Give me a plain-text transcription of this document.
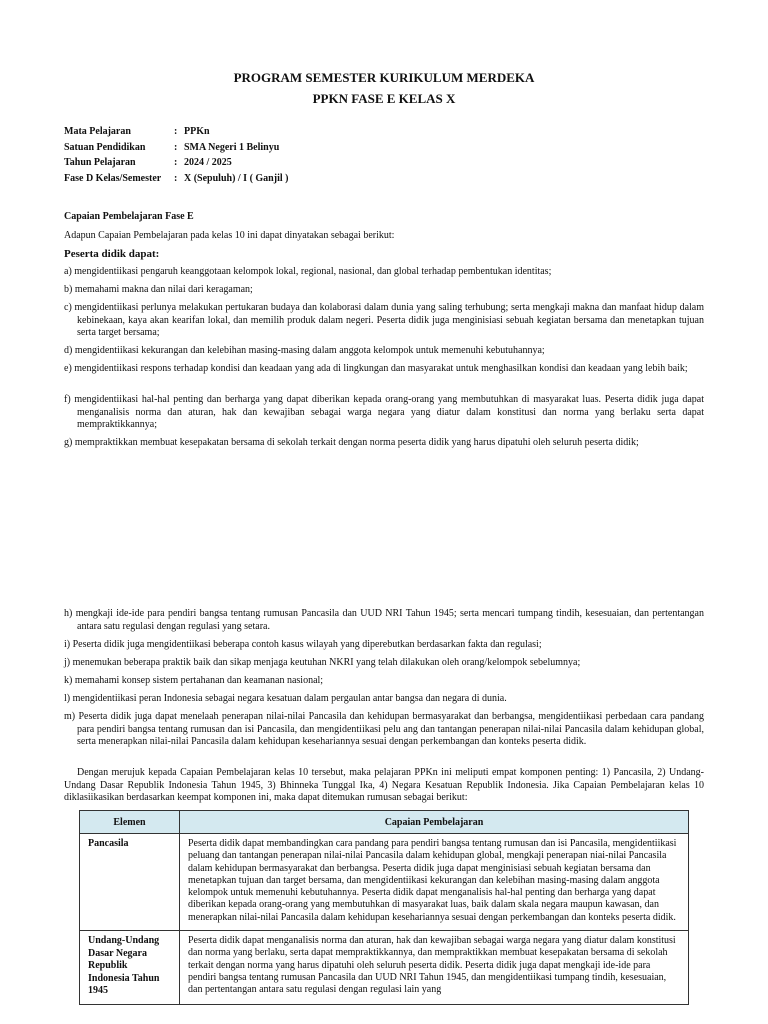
PROGRAM SEMESTER KURIKULUM MERDEKA
PPKN FASE E KELAS X
Mata Pelajaran	: PPKn
Satuan Pendidikan	: SMA Negeri 1 Belinyu
Tahun Pelajaran	: 2024 / 2025
Fase D Kelas/Semester	: X (Sepuluh) / I ( Ganjil )
Capaian Pembelajaran Fase E
Adapun Capaian Pembelajaran pada kelas 10 ini dapat dinyatakan sebagai berikut:
Peserta didik dapat:
a) mengidentiikasi pengaruh keanggotaan kelompok lokal, regional, nasional, dan global terhadap pembentukan identitas;
b) memahami makna dan nilai dari keragaman;
c) mengidentiikasi perlunya melakukan pertukaran budaya dan kolaborasi dalam dunia yang saling terhubung; serta mengkaji makna dan manfaat hidup dalam kebinekaan, kaya akan kearifan lokal, dan memilih produk dalam negeri. Peserta didik juga menginisiasi sebuah kegiatan bersama dan menetapkan tujuan serta target bersama;
d) mengidentiikasi kekurangan dan kelebihan masing-masing dalam anggota kelompok untuk memenuhi kebutuhannya;
e) mengidentiikasi respons terhadap kondisi dan keadaan yang ada di lingkungan dan masyarakat untuk menghasilkan kondisi dan keadaan yang lebih baik;
f) mengidentiikasi hal-hal penting dan berharga yang dapat diberikan kepada orang-orang yang membutuhkan di masyarakat luas. Peserta didik juga dapat menganalisis norma dan aturan, hak dan kewajiban sebagai warga negara yang diatur dalam konstitusi dan norma yang berlaku serta dapat mempraktikkannya;
g) mempraktikkan membuat kesepakatan bersama di sekolah terkait dengan norma peserta didik yang harus dipatuhi oleh seluruh peserta didik;
h) mengkaji ide-ide para pendiri bangsa tentang rumusan Pancasila dan UUD NRI Tahun 1945; serta mencari tumpang tindih, kesesuaian, dan pertentangan antara satu regulasi dengan regulasi yang setara.
i) Peserta didik juga mengidentiikasi beberapa contoh kasus wilayah yang diperebutkan berdasarkan fakta dan regulasi;
j) menemukan beberapa praktik baik dan sikap menjaga keutuhan NKRI yang telah dilakukan oleh orang/kelompok sebelumnya;
k) memahami konsep sistem pertahanan dan keamanan nasional;
l) mengidentiikasi peran Indonesia sebagai negara kesatuan dalam pergaulan antar bangsa dan negara di dunia.
m) Peserta didik juga dapat menelaah penerapan nilai-nilai Pancasila dan kehidupan bermasyarakat dan berbangsa, mengidentiikasi perbedaan cara pandang para pendiri bangsa tentang rumusan dan isi Pancasila, dan mengidentiikasi pelu ang dan tantangan penerapan nilai-nilai Pancasila dalam kehidupan global, serta menerapkan nilai-nilai Pancasila dalam kehidupan kesehariannya sesuai dengan perkembangan dan konteks peserta didik.
Dengan merujuk kepada Capaian Pembelajaran kelas 10 tersebut, maka pelajaran PPKn ini meliputi empat komponen penting: 1) Pancasila, 2) Undang-Undang Dasar Republik Indonesia Tahun 1945, 3) Bhinneka Tunggal Ika, 4) Negara Kesatuan Republik Indonesia. Jika Capaian Pembelajaran kelas 10 diklasiikasikan berdasarkan keempat komponen ini, maka dapat ditemukan rumusan sebagai berikut:
Elemen	Capaian Pembelajaran
Pancasila	Peserta didik dapat membandingkan cara pandang para pendiri bangsa tentang rumusan dan isi Pancasila, mengidentiikasi peluang dan tantangan penerapan nilai-nilai Pancasila dalam kehidupan global, mengkaji penerapan niai-nilai Pancasila dalam kehidupan bermasyarakat dan berbangsa. Peserta didik juga dapat menginisiasi sebuah kegiatan bersama dan menetapkan tujuan dan target bersama, dan mengidentiikasi kekurangan dan kelebihan masing-masing dalam anggota kelompok untuk memenuhi kebutuhannya. Peserta didik dapat menganalisis hal-hal penting dan berharga yang dapat diberikan kepada orang-orang yang membutuhkan di masyarakat luas, baik dalam skala negara maupun kawasan, dan menerapkan nilai-nilai Pancasila dalam kehidupan kesehariannya sesuai dengan perkembangan dan konteks peserta didik.
Undang-Undang Dasar Negara Republik Indonesia Tahun 1945	Peserta didik dapat menganalisis norma dan aturan, hak dan kewajiban sebagai warga negara yang diatur dalam konstitusi dan norma yang berlaku, serta dapat mempraktikkannya, dan mempraktikkan membuat kesepakatan bersama di sekolah terkait dengan norma yang harus dipatuhi oleh seluruh peserta didik. Peserta didik juga dapat mengkaji ide-ide para pendiri bangsa tentang rumusan Pancasila dan UUD NRI Tahun 1945, dan mengidentiikasi tumpang tindih, kesesuaian, dan pertentangan antara satu regulasi dengan regulasi lain yang
